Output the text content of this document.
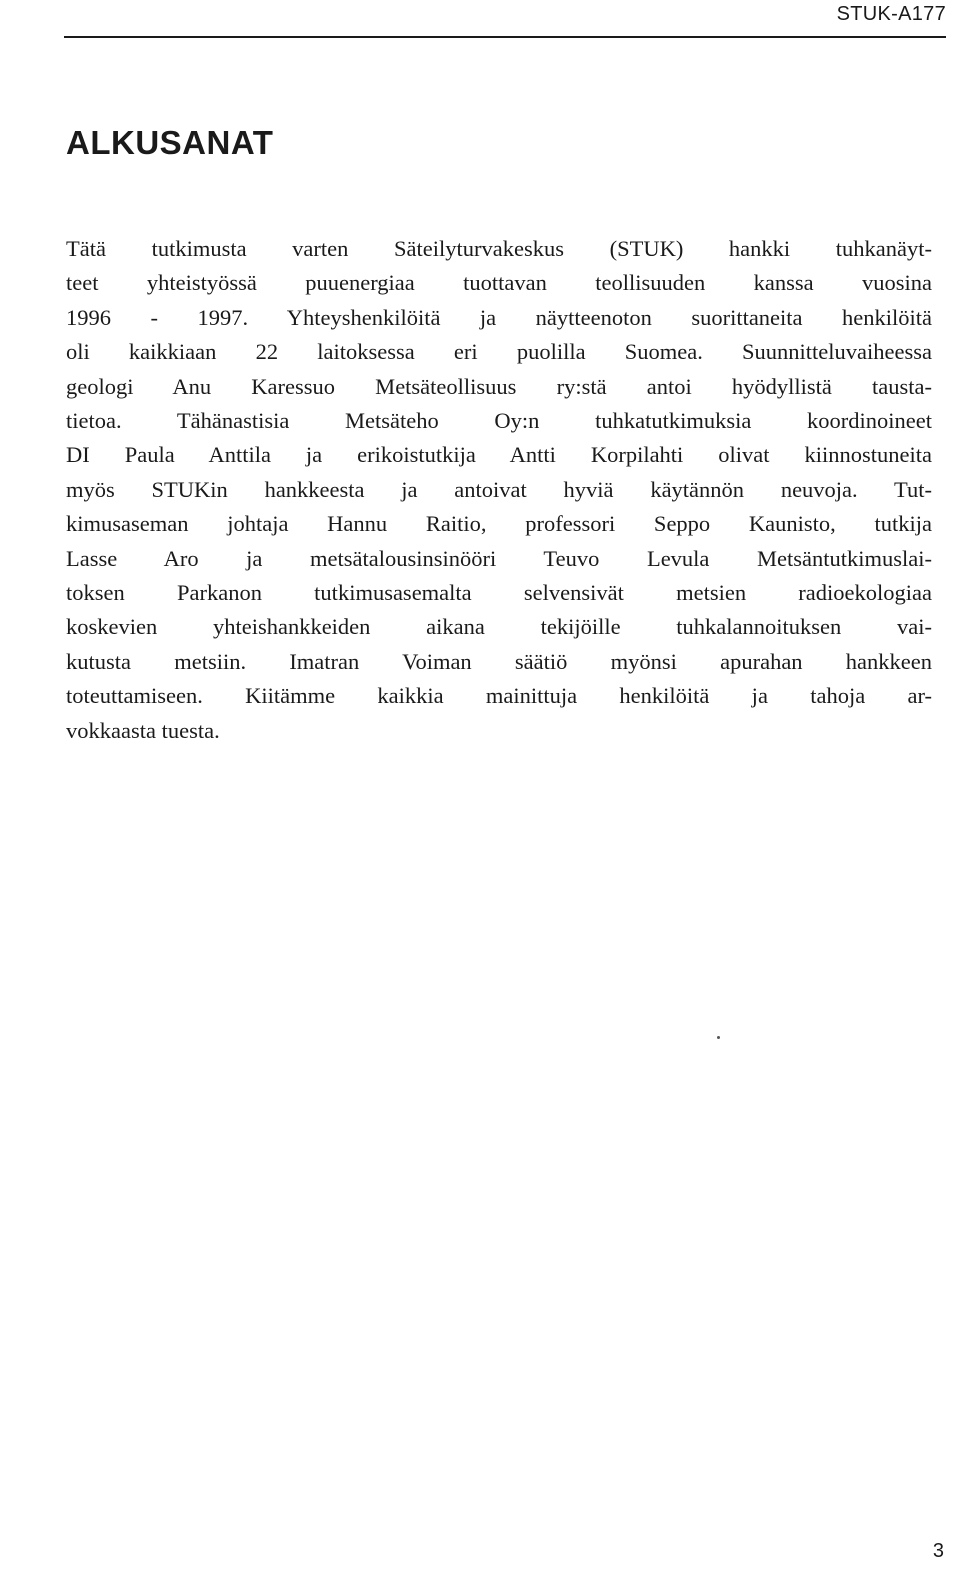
STUK-A177
ALKUSANAT

Tätä tutkimusta varten Säteilyturvakeskus (STUK) hankki tuhkanäyt-
teet yhteistyössä puuenergiaa tuottavan teollisuuden kanssa vuosina
1996 - 1997. Yhteyshenkilöitä ja näytteenoton suorittaneita henkilöitä
oli kaikkiaan 22 laitoksessa eri puolilla Suomea. Suunnitteluvaiheessa
geologi Anu Karessuo Metsäteollisuus ry:stä antoi hyödyllistä tausta-
tietoa. Tähänastisia Metsäteho Oy:n tuhkatutkimuksia koordinoineet
DI Paula Anttila ja erikoistutkija Antti Korpilahti olivat kiinnostuneita
myös STUKin hankkeesta ja antoivat hyviä käytännön neuvoja. Tut-
kimusaseman johtaja Hannu Raitio, professori Seppo Kaunisto, tutkija
Lasse Aro ja metsätalousinsinööri Teuvo Levula Metsäntutkimuslai-
toksen Parkanon tutkimusasemalta selvensivät metsien radioekologiaa
koskevien yhteishankkeiden aikana tekijöille tuhkalannoituksen vai-
kutusta metsiin. Imatran Voiman säätiö myönsi apurahan hankkeen
toteuttamiseen. Kiitämme kaikkia mainittuja henkilöitä ja tahoja ar-
vokkaasta tuesta.

3
